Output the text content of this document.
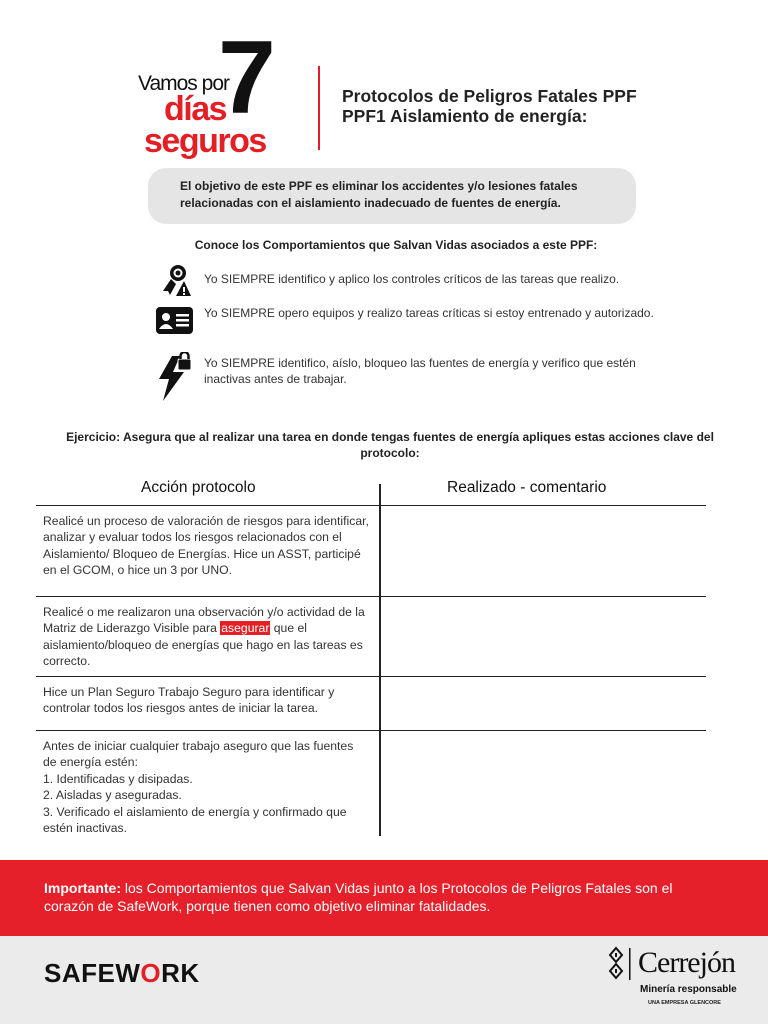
Vamos por
7
días
seguros
Protocolos de Peligros Fatales PPF
PPF1 Aislamiento de energía:
El objetivo de este PPF es eliminar los accidentes y/o lesiones fatales relacionadas con el aislamiento inadecuado de fuentes de energía.
Conoce los Comportamientos que Salvan Vidas asociados a este PPF:
Yo SIEMPRE identifico y aplico los controles críticos de las tareas que realizo.
Yo SIEMPRE opero equipos y realizo tareas críticas si estoy entrenado y autorizado.
Yo SIEMPRE identifico, aíslo, bloqueo las fuentes de energía y verifico que estén inactivas antes de trabajar.
Ejercicio: Asegura que al realizar una tarea en donde tengas fuentes de energía apliques estas acciones clave del protocolo:
Acción protocolo	Realizado - comentario
Realicé un proceso de valoración de riesgos para identificar, analizar y evaluar todos los riesgos relacionados con el Aislamiento/ Bloqueo de Energías. Hice un ASST, participé en el GCOM, o hice un 3 por UNO.
Realicé o me realizaron una observación y/o actividad de la Matriz de Liderazgo Visible para asegurar que el aislamiento/bloqueo de energías que hago en las tareas es correcto.
Hice un Plan Seguro Trabajo Seguro para identificar y controlar todos los riesgos antes de iniciar la tarea.
Antes de iniciar cualquier trabajo aseguro que las fuentes de energía estén:
1. Identificadas y disipadas.
2. Aisladas y aseguradas.
3. Verificado el aislamiento de energía y confirmado que estén inactivas.
Importante: los Comportamientos que Salvan Vidas junto a los Protocolos de Peligros Fatales son el corazón de SafeWork, porque tienen como objetivo eliminar fatalidades.
SAFEWORK	Cerrejón
Minería responsable
UNA EMPRESA GLENCORE
